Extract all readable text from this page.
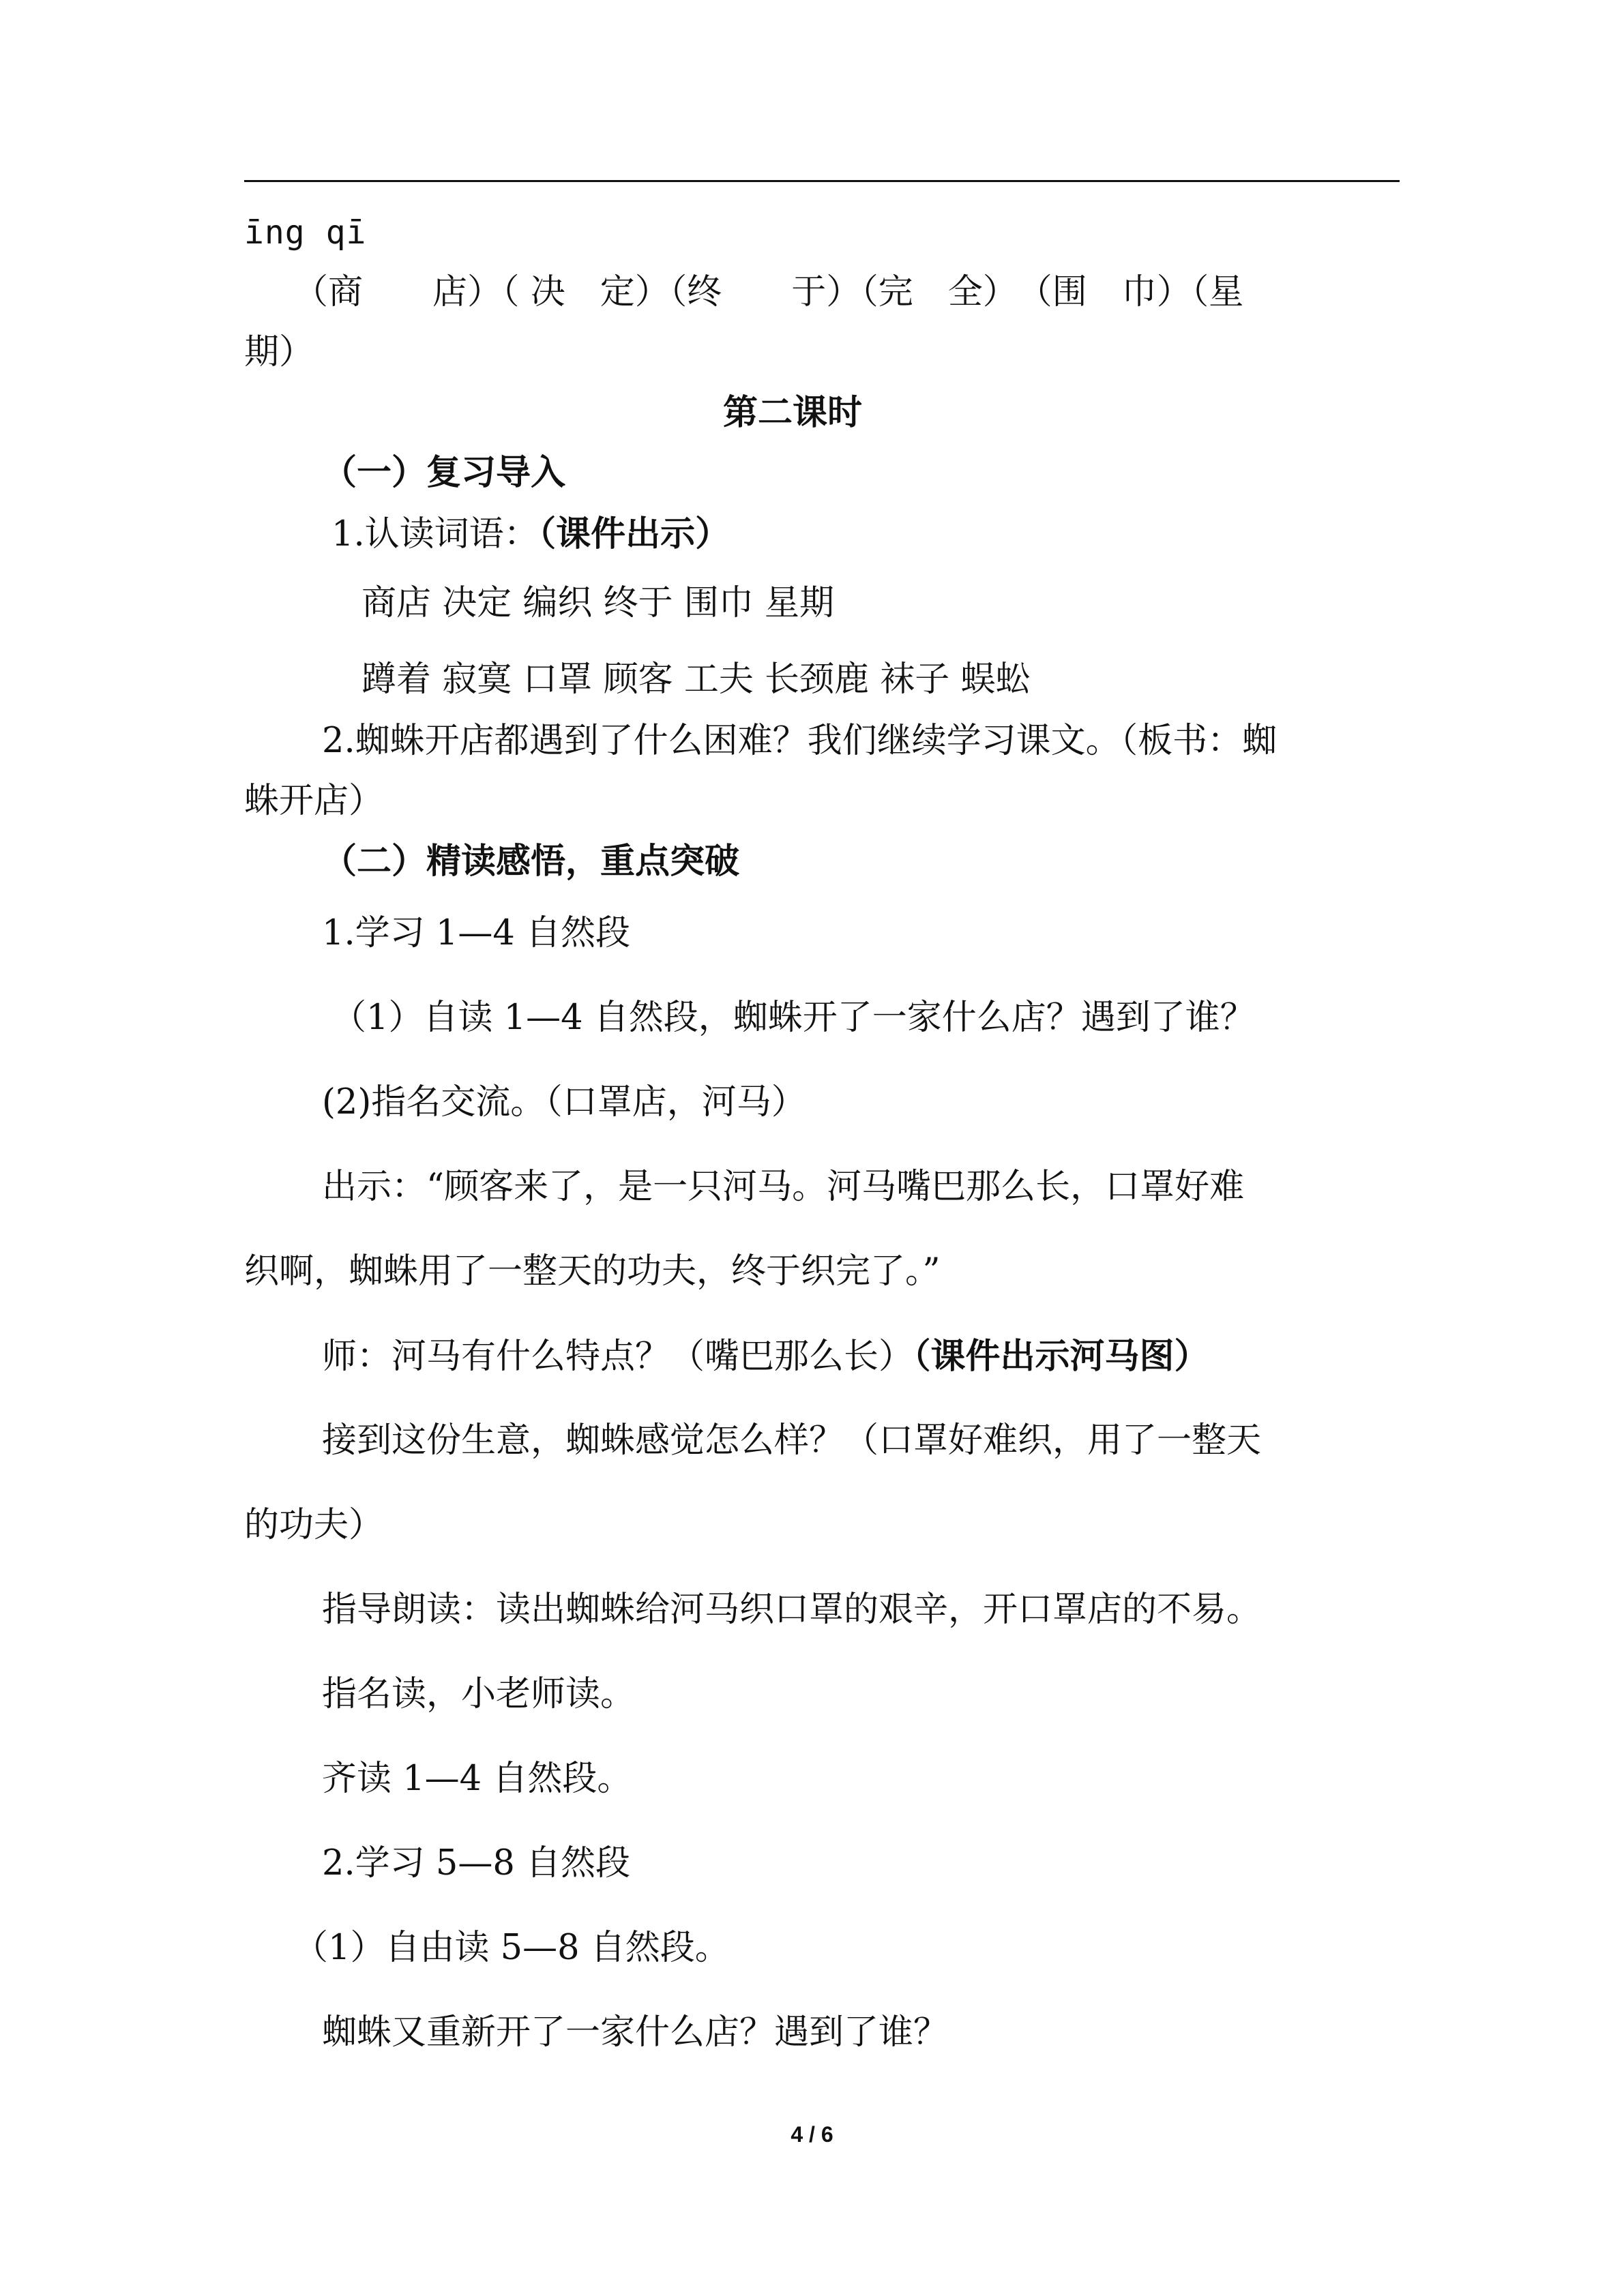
īng qī

（商　　店）（ 决　定）（终　　于）（完　全）　（围　巾）（星

期）

第二课时

（一）复习导入

1.认读词语：（课件出示）

商店 决定 编织 终于 围巾 星期

蹲着 寂寞 口罩 顾客 工夫 长颈鹿 袜子 蜈蚣

2.蜘蛛开店都遇到了什么困难？我们继续学习课文。（板书：蜘

蛛开店）

（二）精读感悟，重点突破

1.学习 1—4 自然段

（1）自读 1—4 自然段，蜘蛛开了一家什么店？遇到了谁？

(2)指名交流。（口罩店，河马）

出示：“顾客来了，是一只河马。河马嘴巴那么长，口罩好难

织啊，蜘蛛用了一整天的功夫，终于织完了。”

师：河马有什么特点？（嘴巴那么长）（课件出示河马图）

接到这份生意，蜘蛛感觉怎么样？（口罩好难织，用了一整天

的功夫）

指导朗读：读出蜘蛛给河马织口罩的艰辛，开口罩店的不易。

指名读，小老师读。

齐读 1—4 自然段。

2.学习 5—8 自然段

（1）自由读 5—8 自然段。

蜘蛛又重新开了一家什么店？遇到了谁？

4 / 6
